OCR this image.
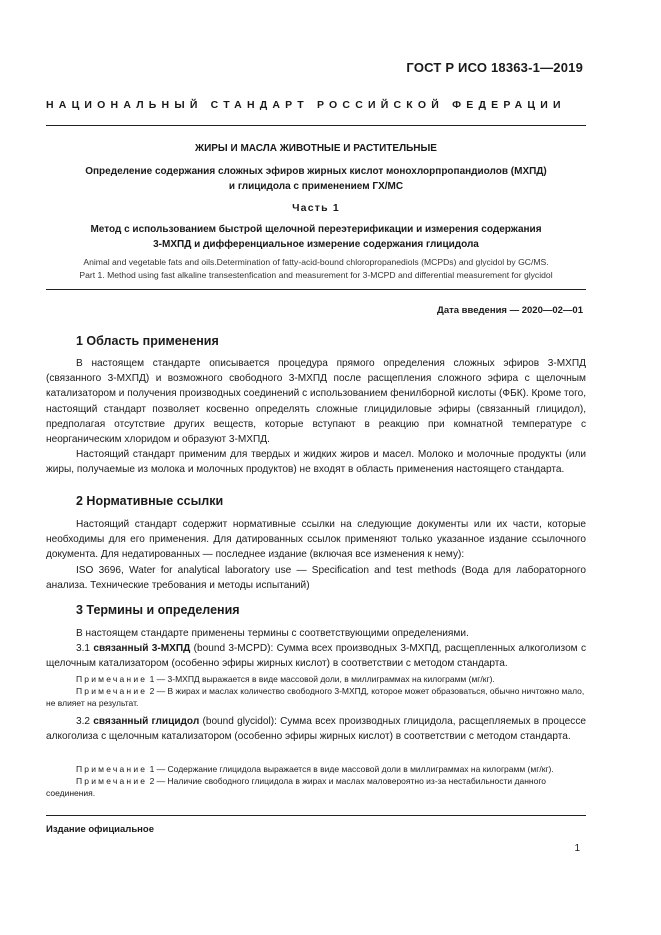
ГОСТ Р ИСО 18363-1—2019
НАЦИОНАЛЬНЫЙ СТАНДАРТ РОССИЙСКОЙ ФЕДЕРАЦИИ
ЖИРЫ И МАСЛА ЖИВОТНЫЕ И РАСТИТЕЛЬНЫЕ
Определение содержания сложных эфиров жирных кислот монохлорпропандиолов (МХПД)
и глицидола с применением ГХ/МС
Часть 1
Метод с использованием быстрой щелочной переэтерификации и измерения содержания
3-МХПД и дифференциальное измерение содержания глицидола
Animal and vegetable fats and oils.Determination of fatty-acid-bound chloropropanediols (MCPDs) and glycidol by GC/MS.
Part 1. Method using fast alkaline transestenfication and measurement for 3-MCPD and differential measurement for glycidol
Дата введения — 2020—02—01
1 Область применения

В настоящем стандарте описывается процедура прямого определения сложных эфиров 3-МХПД (связанного 3-МХПД) и возможного свободного 3-МХПД после расщепления сложного эфира с щелочным катализатором и получения производных соединений с использованием фенилборной кислоты (ФБК). Кроме того, настоящий стандарт позволяет косвенно определять сложные глицидиловые эфиры (связанный глицидол), предполагая отсутствие других веществ, которые вступают в реакцию при комнатной температуре с неорганическим хлоридом и образуют 3-МХПД.

Настоящий стандарт применим для твердых и жидких жиров и масел. Молоко и молочные продукты (или жиры, получаемые из молока и молочных продуктов) не входят в область применения настоящего стандарта.

2 Нормативные ссылки

Настоящий стандарт содержит нормативные ссылки на следующие документы или их части, которые необходимы для его применения. Для датированных ссылок применяют только указанное издание ссылочного документа. Для недатированных — последнее издание (включая все изменения к нему):

ISO 3696, Water for analytical laboratory use — Specification and test methods (Вода для лабораторного анализа. Технические требования и методы испытаний)

3 Термины и определения

В настоящем стандарте применены термины с соответствующими определениями.

3.1 связанный 3-МХПД (bound 3-MCPD): Сумма всех производных 3-МХПД, расщепленных алкоголизом с щелочным катализатором (особенно эфиры жирных кислот) в соответствии с методом стандарта.

Примечание 1 — 3-МХПД выражается в виде массовой доли, в миллиграммах на килограмм (мг/кг).

Примечание 2 — В жирах и маслах количество свободного 3-МХПД, которое может образоваться, обычно ничтожно мало, не влияет на результат.

3.2 связанный глицидол (bound glycidol): Сумма всех производных глицидола, расщепляемых в процессе алкоголиза с щелочным катализатором (особенно эфиры жирных кислот) в соответствии с методом стандарта.

Примечание 1 — Содержание глицидола выражается в виде массовой доли в миллиграммах на килограмм (мг/кг).

Примечание 2 — Наличие свободного глицидола в жирах и маслах маловероятно из-за нестабильности данного соединения.

Издание официальное
1
